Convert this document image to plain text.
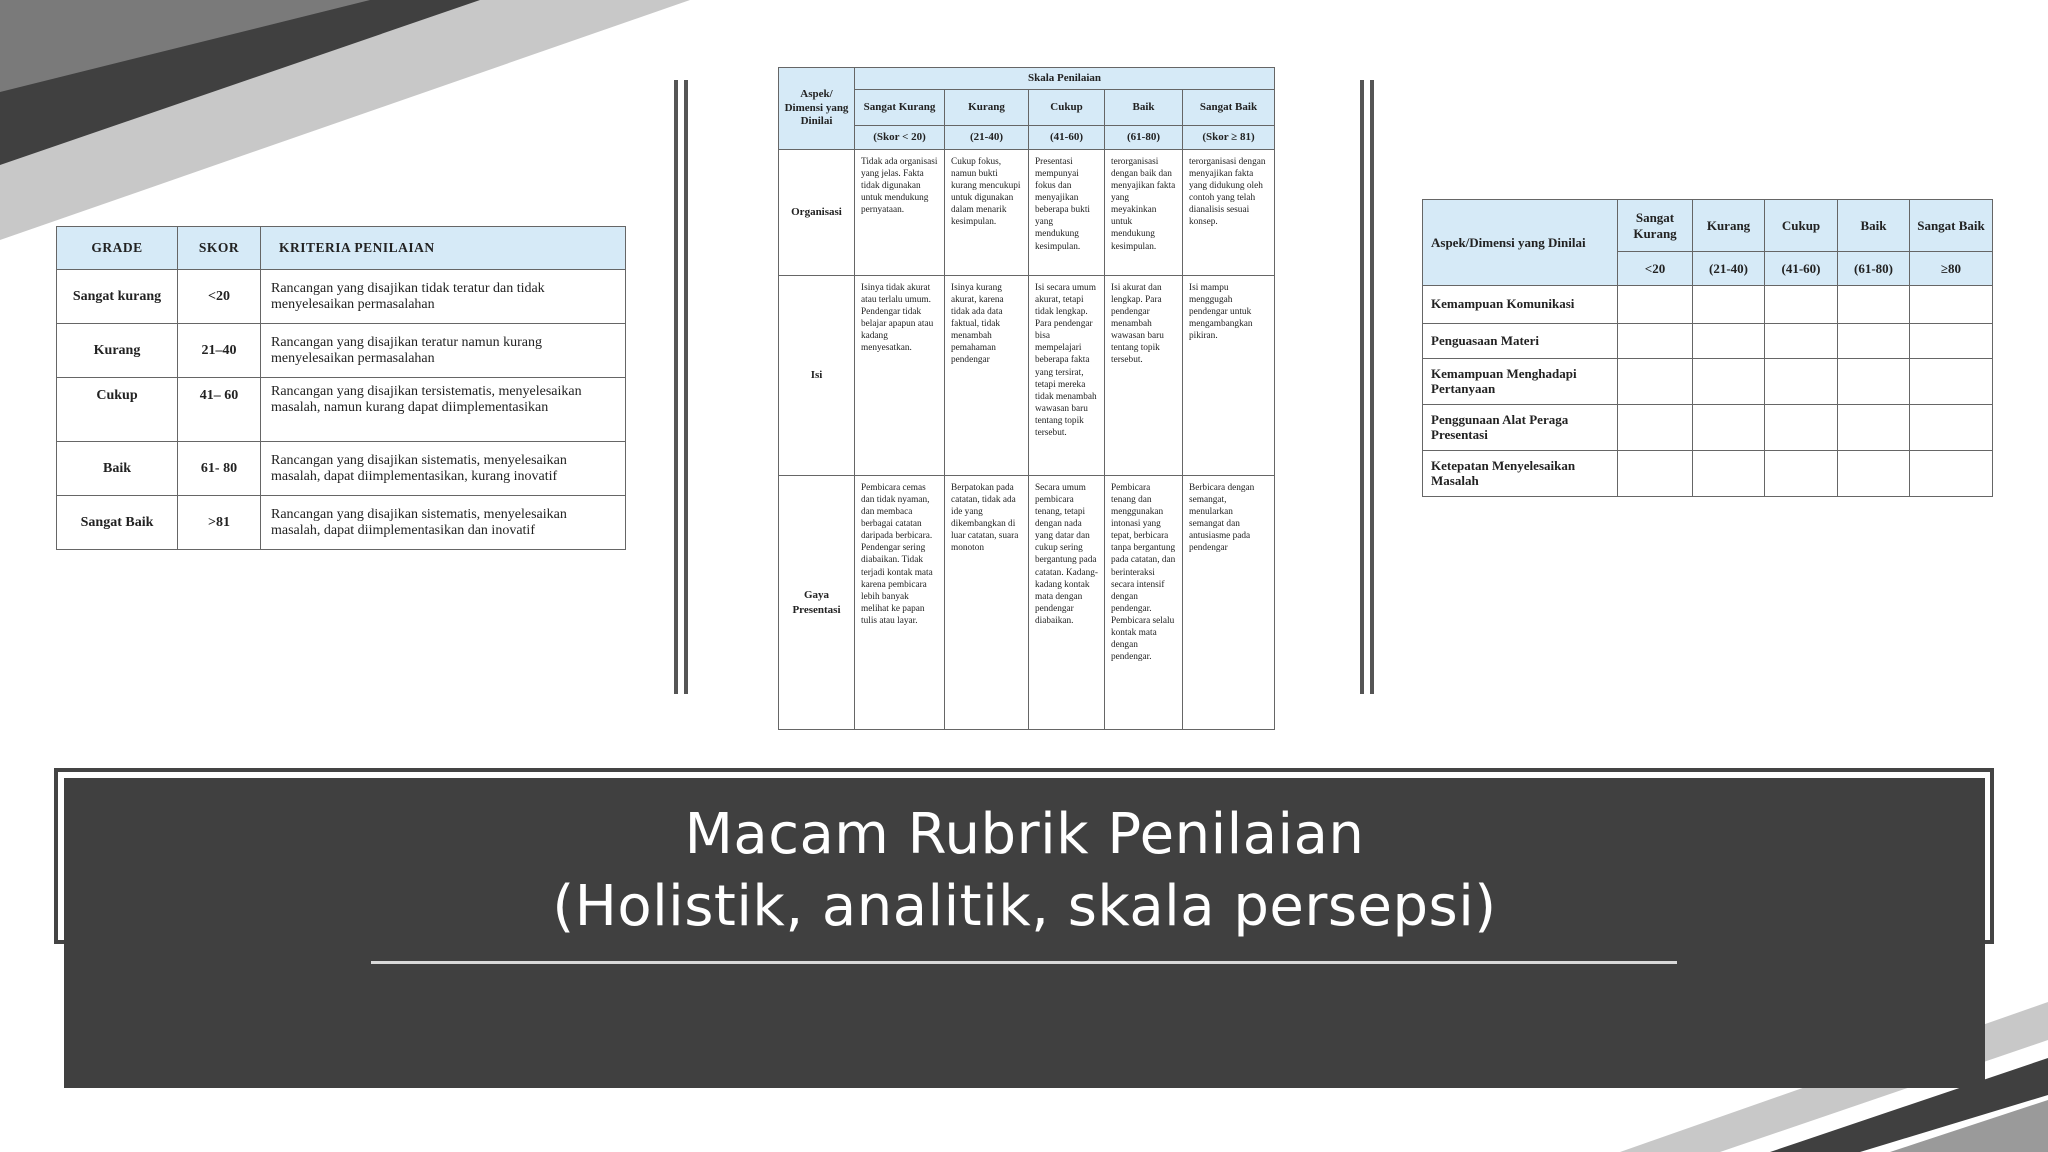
GRADE	SKOR	KRITERIA PENILAIAN
Sangat kurang	<20	Rancangan yang disajikan tidak teratur dan tidak menyelesaikan permasalahan
Kurang	21–40	Rancangan yang disajikan teratur namun kurang menyelesaikan permasalahan
Cukup	41– 60	Rancangan yang disajikan tersistematis, menyelesaikan masalah, namun kurang dapat diimplementasikan
Baik	61- 80	Rancangan yang disajikan sistematis, menyelesaikan masalah, dapat diimplementasikan, kurang inovatif
Sangat Baik	>81	Rancangan yang disajikan sistematis, menyelesaikan masalah, dapat diimplementasikan dan inovatif
Aspek/ Dimensi yang Dinilai	Skala Penilaian				
	Sangat Kurang	Kurang	Cukup	Baik	Sangat Baik
	(Skor < 20)	(21-40)	(41-60)	(61-80)	(Skor ≥ 81)
Organisasi	Tidak ada organisasi yang jelas. Fakta tidak digunakan untuk mendukung pernyataan.	Cukup fokus, namun bukti kurang mencukupi untuk digunakan dalam menarik kesimpulan.	Presentasi mempunyai fokus dan menyajikan beberapa bukti yang mendukung kesimpulan.	terorganisasi dengan baik dan menyajikan fakta yang meyakinkan untuk mendukung kesimpulan.	terorganisasi dengan menyajikan fakta yang didukung oleh contoh yang telah dianalisis sesuai konsep.
Isi	Isinya tidak akurat atau terlalu umum. Pendengar tidak belajar apapun atau kadang menyesatkan.	Isinya kurang akurat, karena tidak ada data faktual, tidak menambah pemahaman pendengar	Isi secara umum akurat, tetapi tidak lengkap. Para pendengar bisa mempelajari beberapa fakta yang tersirat, tetapi mereka tidak menambah wawasan baru tentang topik tersebut.	Isi akurat dan lengkap. Para pendengar menambah wawasan baru tentang topik tersebut.	Isi mampu menggugah pendengar untuk mengambangkan pikiran.
Gaya Presentasi	Pembicara cemas dan tidak nyaman, dan membaca berbagai catatan daripada berbicara. Pendengar sering diabaikan. Tidak terjadi kontak mata karena pembicara lebih banyak melihat ke papan tulis atau layar.	Berpatokan pada catatan, tidak ada ide yang dikembangkan di luar catatan, suara monoton	Secara umum pembicara tenang, tetapi dengan nada yang datar dan cukup sering bergantung pada catatan. Kadang-kadang kontak mata dengan pendengar diabaikan.	Pembicara tenang dan menggunakan intonasi yang tepat, berbicara tanpa bergantung pada catatan, dan berinteraksi secara intensif dengan pendengar. Pembicara selalu kontak mata dengan pendengar.	Berbicara dengan semangat, menularkan semangat dan antusiasme pada pendengar
Aspek/Dimensi yang Dinilai	Sangat Kurang	Kurang	Cukup	Baik	Sangat Baik
	<20	(21-40)	(41-60)	(61-80)	≥80
Kemampuan Komunikasi					
Penguasaan Materi					
Kemampuan Menghadapi Pertanyaan					
Penggunaan Alat Peraga Presentasi					
Ketepatan Menyelesaikan Masalah					
Macam Rubrik Penilaian
(Holistik, analitik, skala persepsi)
